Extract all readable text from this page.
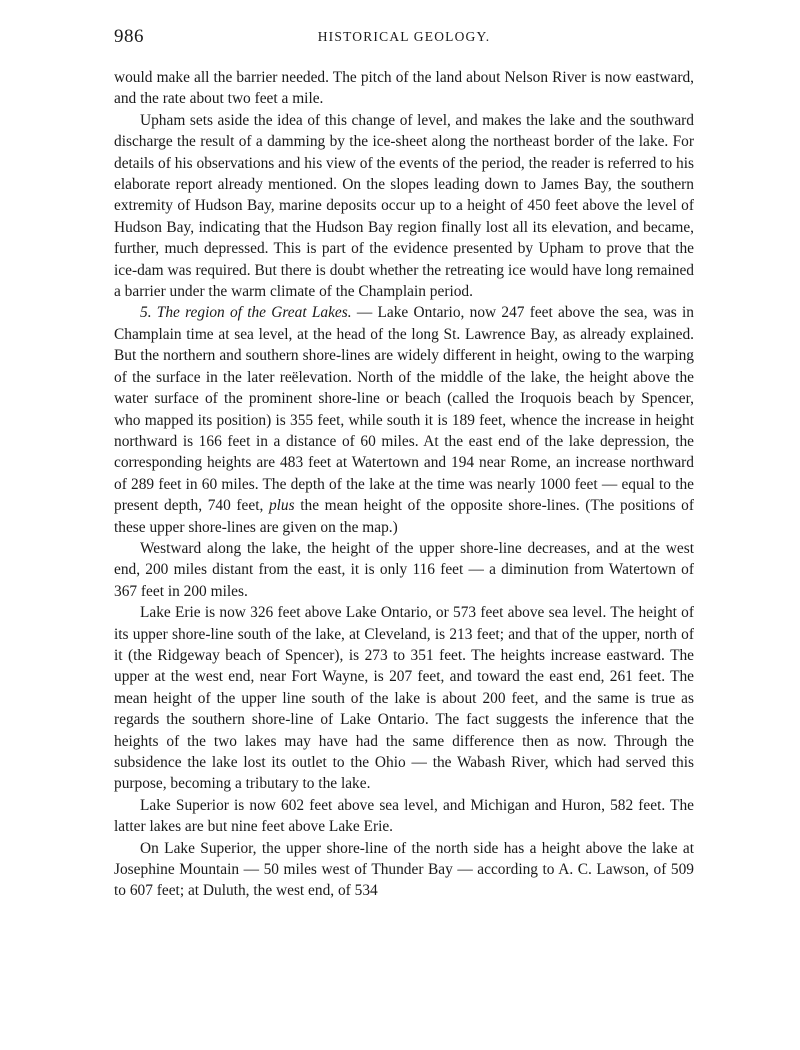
986	HISTORICAL GEOLOGY.

would make all the barrier needed. The pitch of the land about Nelson River is now eastward, and the rate about two feet a mile.

Upham sets aside the idea of this change of level, and makes the lake and the southward discharge the result of a damming by the ice-sheet along the northeast border of the lake. For details of his observations and his view of the events of the period, the reader is referred to his elaborate report already mentioned. On the slopes leading down to James Bay, the southern extremity of Hudson Bay, marine deposits occur up to a height of 450 feet above the level of Hudson Bay, indicating that the Hudson Bay region finally lost all its elevation, and became, further, much depressed. This is part of the evidence presented by Upham to prove that the ice-dam was required. But there is doubt whether the retreating ice would have long remained a barrier under the warm climate of the Champlain period.

5. The region of the Great Lakes. — Lake Ontario, now 247 feet above the sea, was in Champlain time at sea level, at the head of the long St. Lawrence Bay, as already explained. But the northern and southern shore-lines are widely different in height, owing to the warping of the surface in the later reëlevation. North of the middle of the lake, the height above the water surface of the prominent shore-line or beach (called the Iroquois beach by Spencer, who mapped its position) is 355 feet, while south it is 189 feet, whence the increase in height northward is 166 feet in a distance of 60 miles. At the east end of the lake depression, the corresponding heights are 483 feet at Watertown and 194 near Rome, an increase northward of 289 feet in 60 miles. The depth of the lake at the time was nearly 1000 feet — equal to the present depth, 740 feet, plus the mean height of the opposite shore-lines. (The positions of these upper shore-lines are given on the map.)

Westward along the lake, the height of the upper shore-line decreases, and at the west end, 200 miles distant from the east, it is only 116 feet — a diminution from Watertown of 367 feet in 200 miles.

Lake Erie is now 326 feet above Lake Ontario, or 573 feet above sea level. The height of its upper shore-line south of the lake, at Cleveland, is 213 feet; and that of the upper, north of it (the Ridgeway beach of Spencer), is 273 to 351 feet. The heights increase eastward. The upper at the west end, near Fort Wayne, is 207 feet, and toward the east end, 261 feet. The mean height of the upper line south of the lake is about 200 feet, and the same is true as regards the southern shore-line of Lake Ontario. The fact suggests the inference that the heights of the two lakes may have had the same difference then as now. Through the subsidence the lake lost its outlet to the Ohio — the Wabash River, which had served this purpose, becoming a tributary to the lake.

Lake Superior is now 602 feet above sea level, and Michigan and Huron, 582 feet. The latter lakes are but nine feet above Lake Erie.

On Lake Superior, the upper shore-line of the north side has a height above the lake at Josephine Mountain — 50 miles west of Thunder Bay — according to A. C. Lawson, of 509 to 607 feet; at Duluth, the west end, of 534
